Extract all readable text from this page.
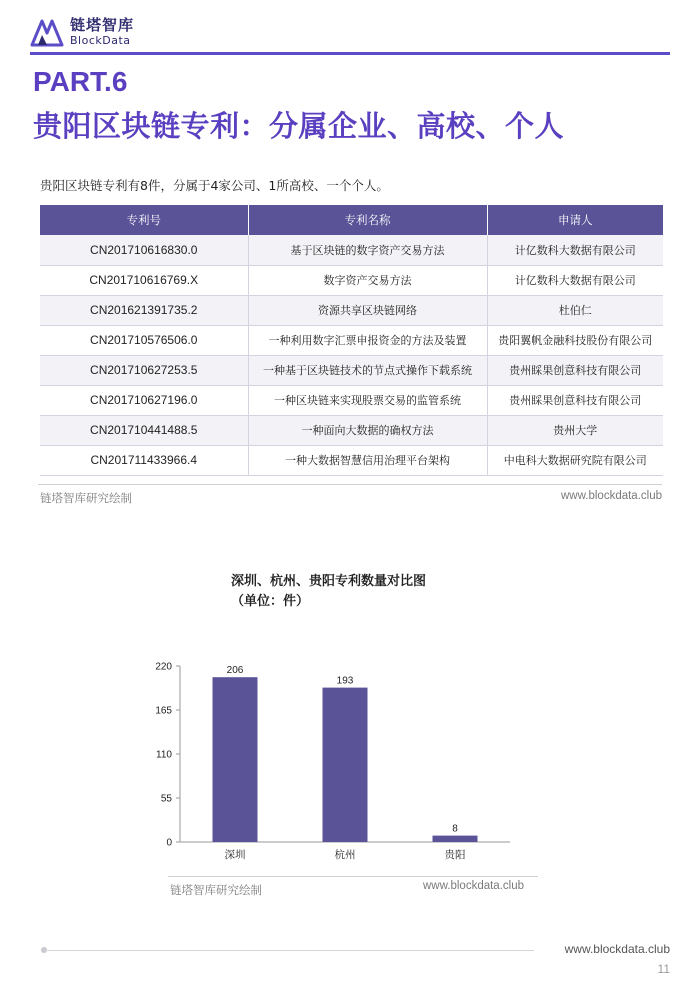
链塔智库
BlockData
PART.6
贵阳区块链专利：分属企业、高校、个人
贵阳区块链专利有8件，分属于4家公司、1所高校、一个个人。
专利号	专利名称	申请人
CN201710616830.0	基于区块链的数字资产交易方法	计亿数科大数据有限公司
CN201710616769.X	数字资产交易方法	计亿数科大数据有限公司
CN201621391735.2	资源共享区块链网络	杜伯仁
CN201710576506.0	一种利用数字汇票申报资金的方法及装置	贵阳翼帆金融科技股份有限公司
CN201710627253.5	一种基于区块链技术的节点式操作下载系统	贵州睬果创意科技有限公司
CN201710627196.0	一种区块链来实现股票交易的监管系统	贵州睬果创意科技有限公司
CN201710441488.5	一种面向大数据的确权方法	贵州大学
CN201711433966.4	一种大数据智慧信用治理平台架构	中电科大数据研究院有限公司
链塔智库研究绘制	www.blockdata.club
深圳、杭州、贵阳专利数量对比图
（单位：件）
0
55
110
165
220	206
深圳
193
杭州
8
贵阳
链塔智库研究绘制	www.blockdata.club
www.blockdata.club
11
